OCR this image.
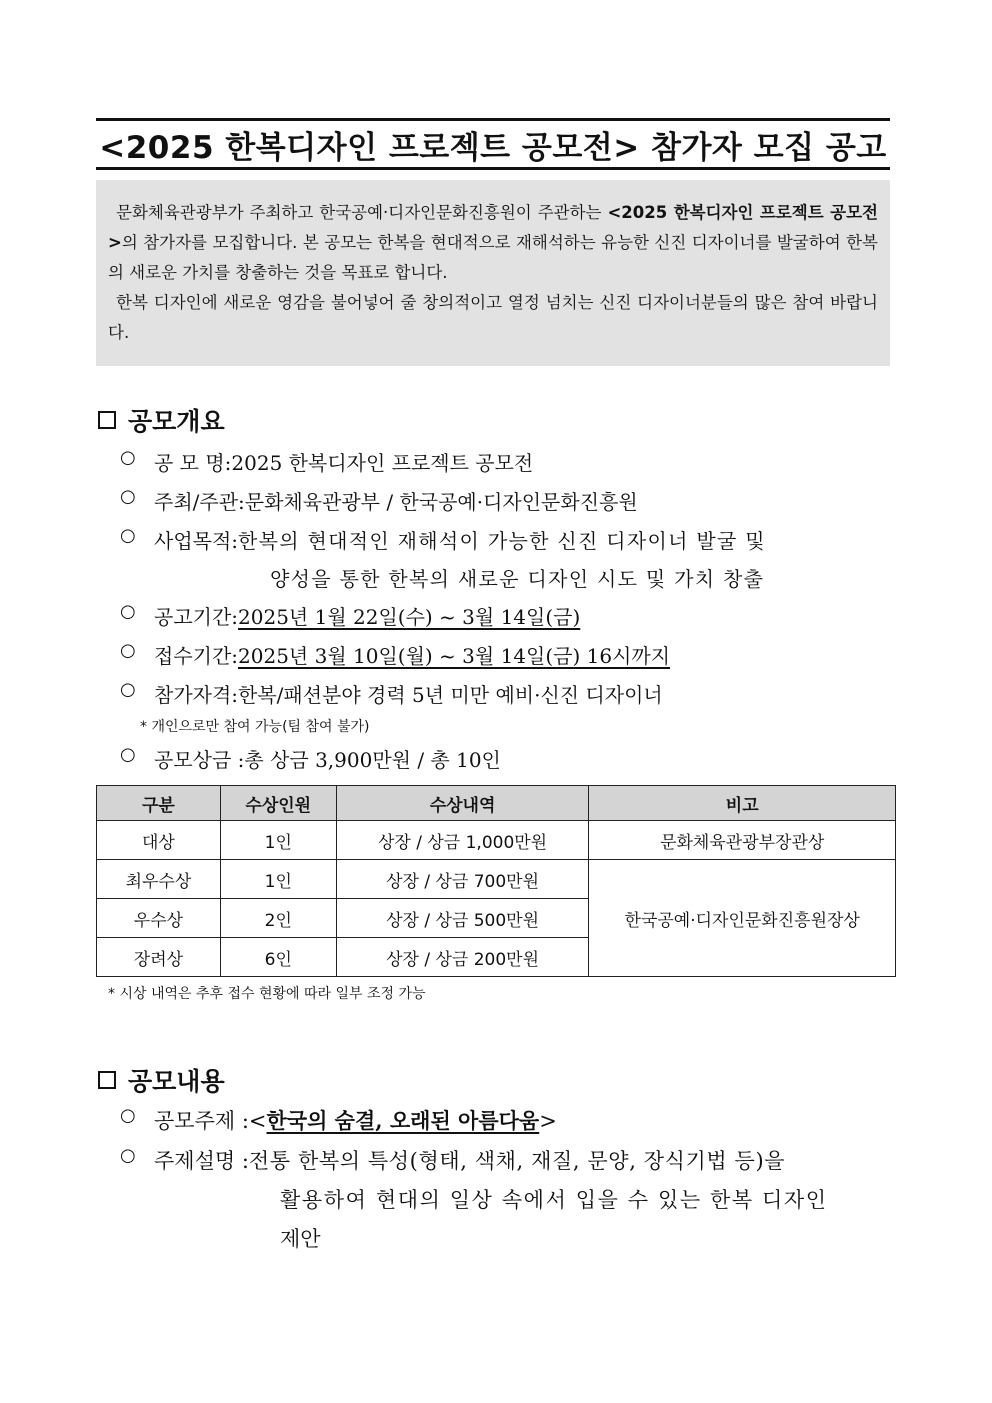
<2025 한복디자인 프로젝트 공모전> 참가자 모집 공고

문화체육관광부가 주최하고 한국공예·디자인문화진흥원이 주관하는 <2025 한복디자인 프로젝트 공모전>의 참가자를 모집합니다. 본 공모는 한복을 현대적으로 재해석하는 유능한 신진 디자이너를 발굴하여 한복의 새로운 가치를 창출하는 것을 목표로 합니다.

한복 디자인에 새로운 영감을 불어넣어 줄 창의적이고 열정 넘치는 신진 디자이너분들의 많은 참여 바랍니다.

공모개요
○ 공 모 명: 2025 한복디자인 프로젝트 공모전
○ 주최/주관: 문화체육관광부 / 한국공예·디자인문화진흥원
○ 사업목적: 한복의 현대적인 재해석이 가능한 신진 디자이너 발굴 및
양성을 통한 한복의 새로운 디자인 시도 및 가치 창출
○ 공고기간: 2025년 1월 22일(수) ~ 3월 14일(금)
○ 접수기간: 2025년 3월 10일(월) ~ 3월 14일(금) 16시까지
○ 참가자격: 한복/패션분야 경력 5년 미만 예비·신진 디자이너
* 개인으로만 참여 가능(팀 참여 불가)
○ 공모상금 : 총 상금 3,900만원 / 총 10인
구분	수상인원	수상내역	비고
대상	1인	상장 / 상금 1,000만원	문화체육관광부장관상
최우수상	1인	상장 / 상금 700만원	한국공예·디자인문화진흥원장상
우수상	2인	상장 / 상금 500만원	
장려상	6인	상장 / 상금 200만원	
* 시상 내역은 추후 접수 현황에 따라 일부 조정 가능
공모내용
○ 공모주제 : <한국의 숨결, 오래된 아름다움>
○ 주제설명 : 전통 한복의 특성(형태, 색채, 재질, 문양, 장식기법 등)을
활용하여 현대의 일상 속에서 입을 수 있는 한복 디자인
제안
